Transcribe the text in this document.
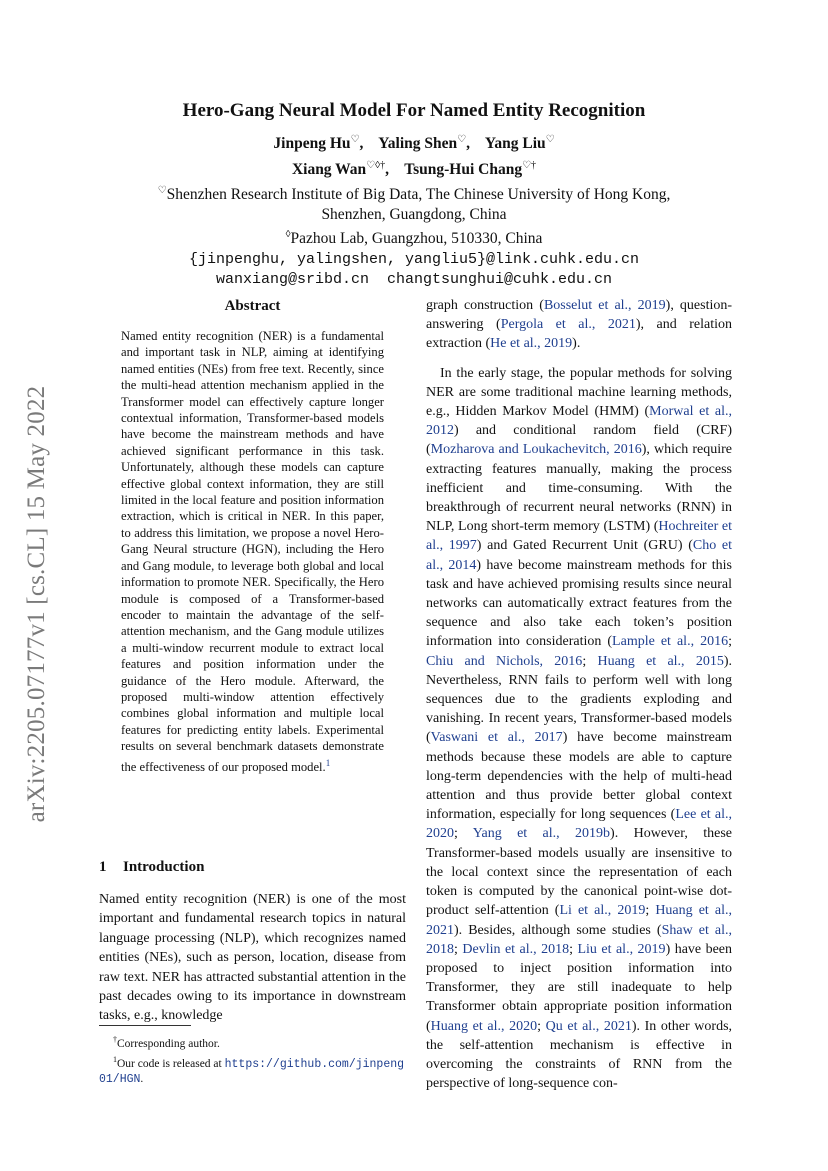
arXiv:2205.07177v1 [cs.CL] 15 May 2022
Hero-Gang Neural Model For Named Entity Recognition
Jinpeng Hu♡,    Yaling Shen♡,    Yang Liu♡
Xiang Wan♡◊†,    Tsung-Hui Chang♡†
♡Shenzhen Research Institute of Big Data, The Chinese University of Hong Kong,
Shenzhen, Guangdong, China
◊Pazhou Lab, Guangzhou, 510330, China
{jinpenghu, yalingshen, yangliu5}@link.cuhk.edu.cn
wanxiang@sribd.cn  changtsunghui@cuhk.edu.cn
Abstract

Named entity recognition (NER) is a fundamental and important task in NLP, aiming at identifying named entities (NEs) from free text. Recently, since the multi-head attention mechanism applied in the Transformer model can effectively capture longer contextual information, Transformer-based models have become the mainstream methods and have achieved significant performance in this task. Unfortunately, although these models can capture effective global context information, they are still limited in the local feature and position information extraction, which is critical in NER. In this paper, to address this limitation, we propose a novel Hero-Gang Neural structure (HGN), including the Hero and Gang module, to leverage both global and local information to promote NER. Specifically, the Hero module is composed of a Transformer-based encoder to maintain the advantage of the self-attention mechanism, and the Gang module utilizes a multi-window recurrent module to extract local features and position information under the guidance of the Hero module. Afterward, the proposed multi-window attention effectively combines global information and multiple local features for predicting entity labels. Experimental results on several benchmark datasets demonstrate the effectiveness of our proposed model.$^1$

1 Introduction

Named entity recognition (NER) is one of the most important and fundamental research topics in natural language processing (NLP), which recognizes named entities (NEs), such as person, location, disease from raw text. NER has attracted substantial attention in the past decades owing to its importance in downstream tasks, e.g., knowledge

†Corresponding author.

$^1$Our code is released at https://github.com/jinpeng01/HGN.

graph construction (Bosselut et al., 2019), question-answering (Pergola et al., 2021), and relation extraction (He et al., 2019).

In the early stage, the popular methods for solving NER are some traditional machine learning methods, e.g., Hidden Markov Model (HMM) (Morwal et al., 2012) and conditional random field (CRF) (Mozharova and Loukachevitch, 2016), which require extracting features manually, making the process inefficient and time-consuming. With the breakthrough of recurrent neural networks (RNN) in NLP, Long short-term memory (LSTM) (Hochreiter et al., 1997) and Gated Recurrent Unit (GRU) (Cho et al., 2014) have become mainstream methods for this task and have achieved promising results since neural networks can automatically extract features from the sequence and also take each token’s position information into consideration (Lample et al., 2016; Chiu and Nichols, 2016; Huang et al., 2015). Nevertheless, RNN fails to perform well with long sequences due to the gradients exploding and vanishing. In recent years, Transformer-based models (Vaswani et al., 2017) have become mainstream methods because these models are able to capture long-term dependencies with the help of multi-head attention and thus provide better global context information, especially for long sequences (Lee et al., 2020; Yang et al., 2019b). However, these Transformer-based models usually are insensitive to the local context since the representation of each token is computed by the canonical point-wise dot-product self-attention (Li et al., 2019; Huang et al., 2021). Besides, although some studies (Shaw et al., 2018; Devlin et al., 2018; Liu et al., 2019) have been proposed to inject position information into Transformer, they are still inadequate to help Transformer obtain appropriate position information (Huang et al., 2020; Qu et al., 2021). In other words, the self-attention mechanism is effective in overcoming the constraints of RNN from the perspective of long-sequence con-
